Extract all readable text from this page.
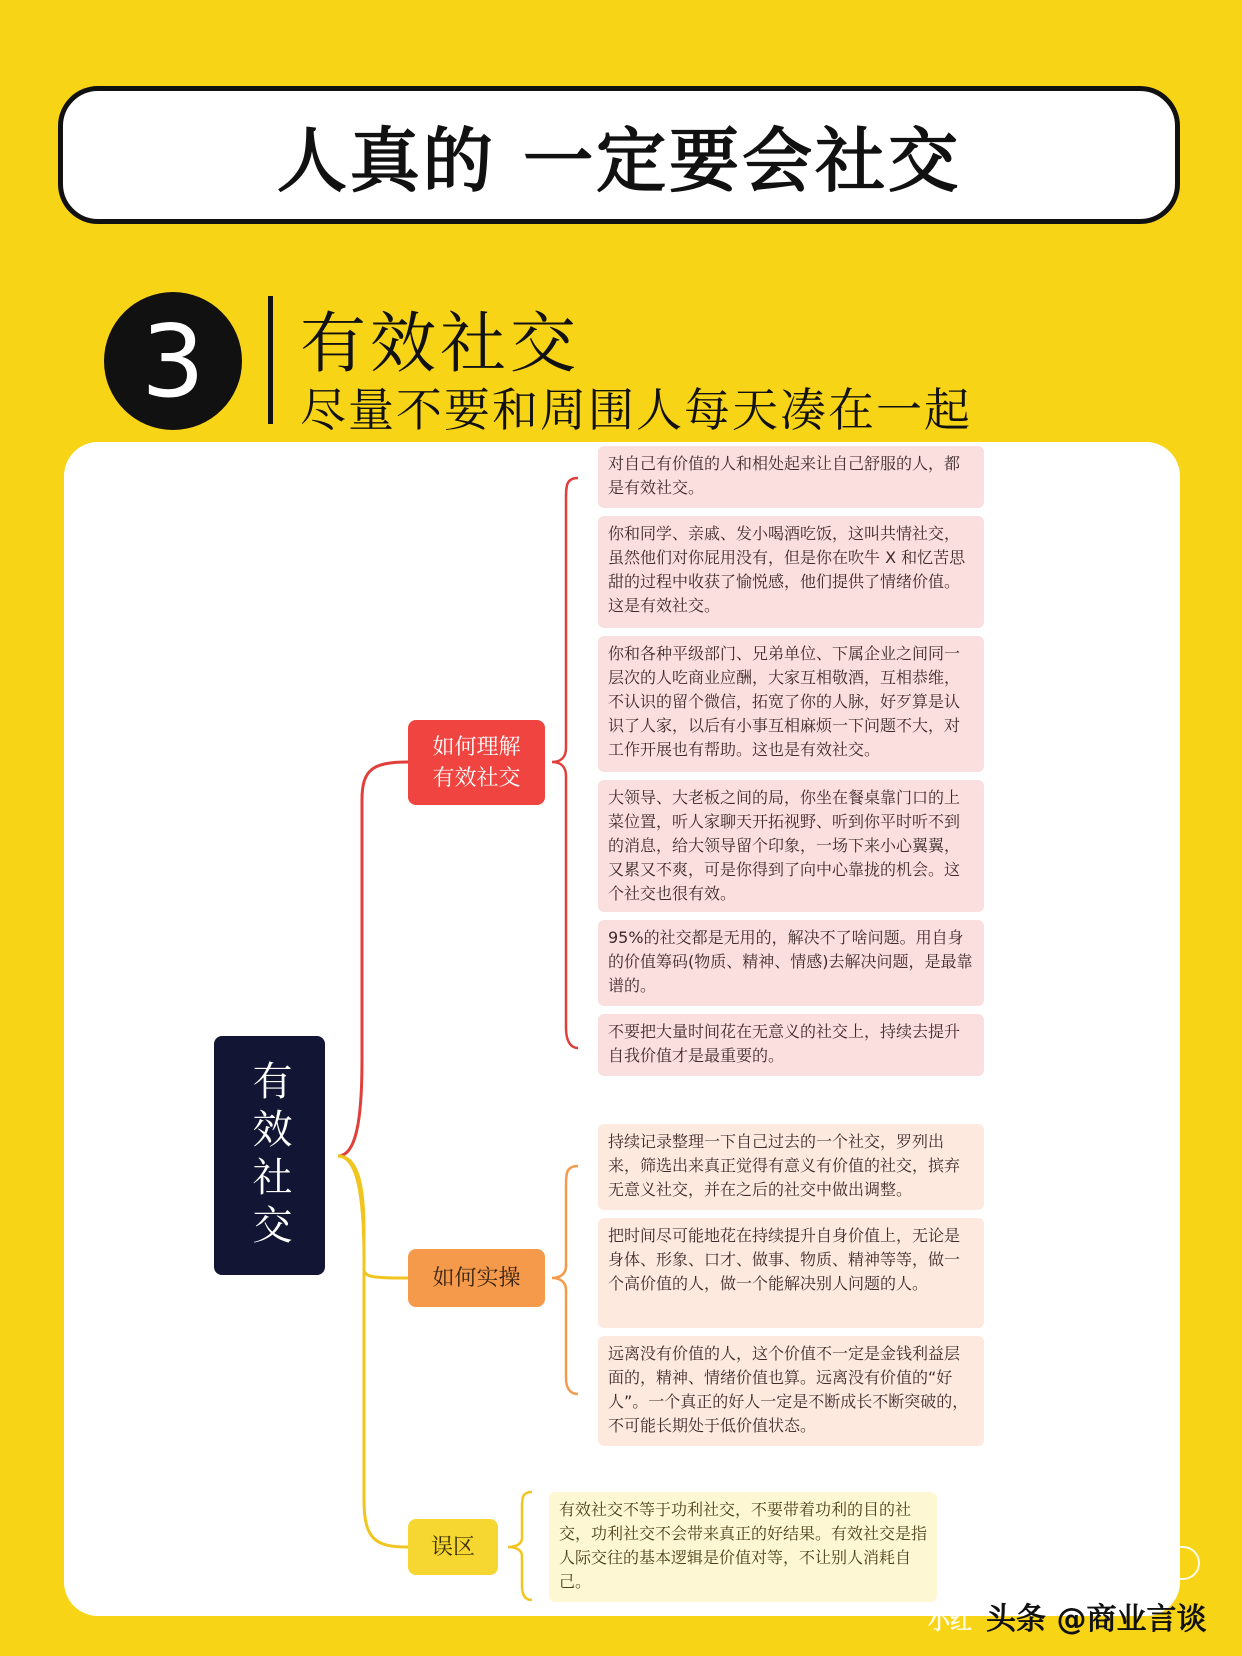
人真的 一定要会社交
3	有效社交
尽量不要和周围人每天凑在一起
有效社交
如何理解
有效社交
如何实操
误区
对自己有价值的人和相处起来让自己舒服的人，都是有效社交。
你和同学、亲戚、发小喝酒吃饭，这叫共情社交，虽然他们对你屁用没有，但是你在吹牛 X 和忆苦思甜的过程中收获了愉悦感，他们提供了情绪价值。这是有效社交。
你和各种平级部门、兄弟单位、下属企业之间同一层次的人吃商业应酬，大家互相敬酒，互相恭维，不认识的留个微信，拓宽了你的人脉，好歹算是认识了人家，以后有小事互相麻烦一下问题不大，对工作开展也有帮助。这也是有效社交。
大领导、大老板之间的局，你坐在餐桌靠门口的上菜位置，听人家聊天开拓视野、听到你平时听不到的消息，给大领导留个印象，一场下来小心翼翼，又累又不爽，可是你得到了向中心靠拢的机会。这个社交也很有效。
95%的社交都是无用的，解决不了啥问题。用自身的价值筹码(物质、精神、情感)去解决问题，是最靠谱的。
不要把大量时间花在无意义的社交上，持续去提升自我价值才是最重要的。
持续记录整理一下自己过去的一个社交，罗列出来，筛选出来真正觉得有意义有价值的社交，摈弃无意义社交，并在之后的社交中做出调整。
把时间尽可能地花在持续提升自身价值上，无论是身体、形象、口才、做事、物质、精神等等，做一个高价值的人，做一个能解决别人问题的人。
远离没有价值的人，这个价值不一定是金钱利益层面的，精神、情绪价值也算。远离没有价值的“好人”。一个真正的好人一定是不断成长不断突破的，不可能长期处于低价值状态。
有效社交不等于功利社交，不要带着功利的目的社交，功利社交不会带来真正的好结果。有效社交是指人际交往的基本逻辑是价值对等，不让别人消耗自己。
5
小红 头条 @商业言谈
